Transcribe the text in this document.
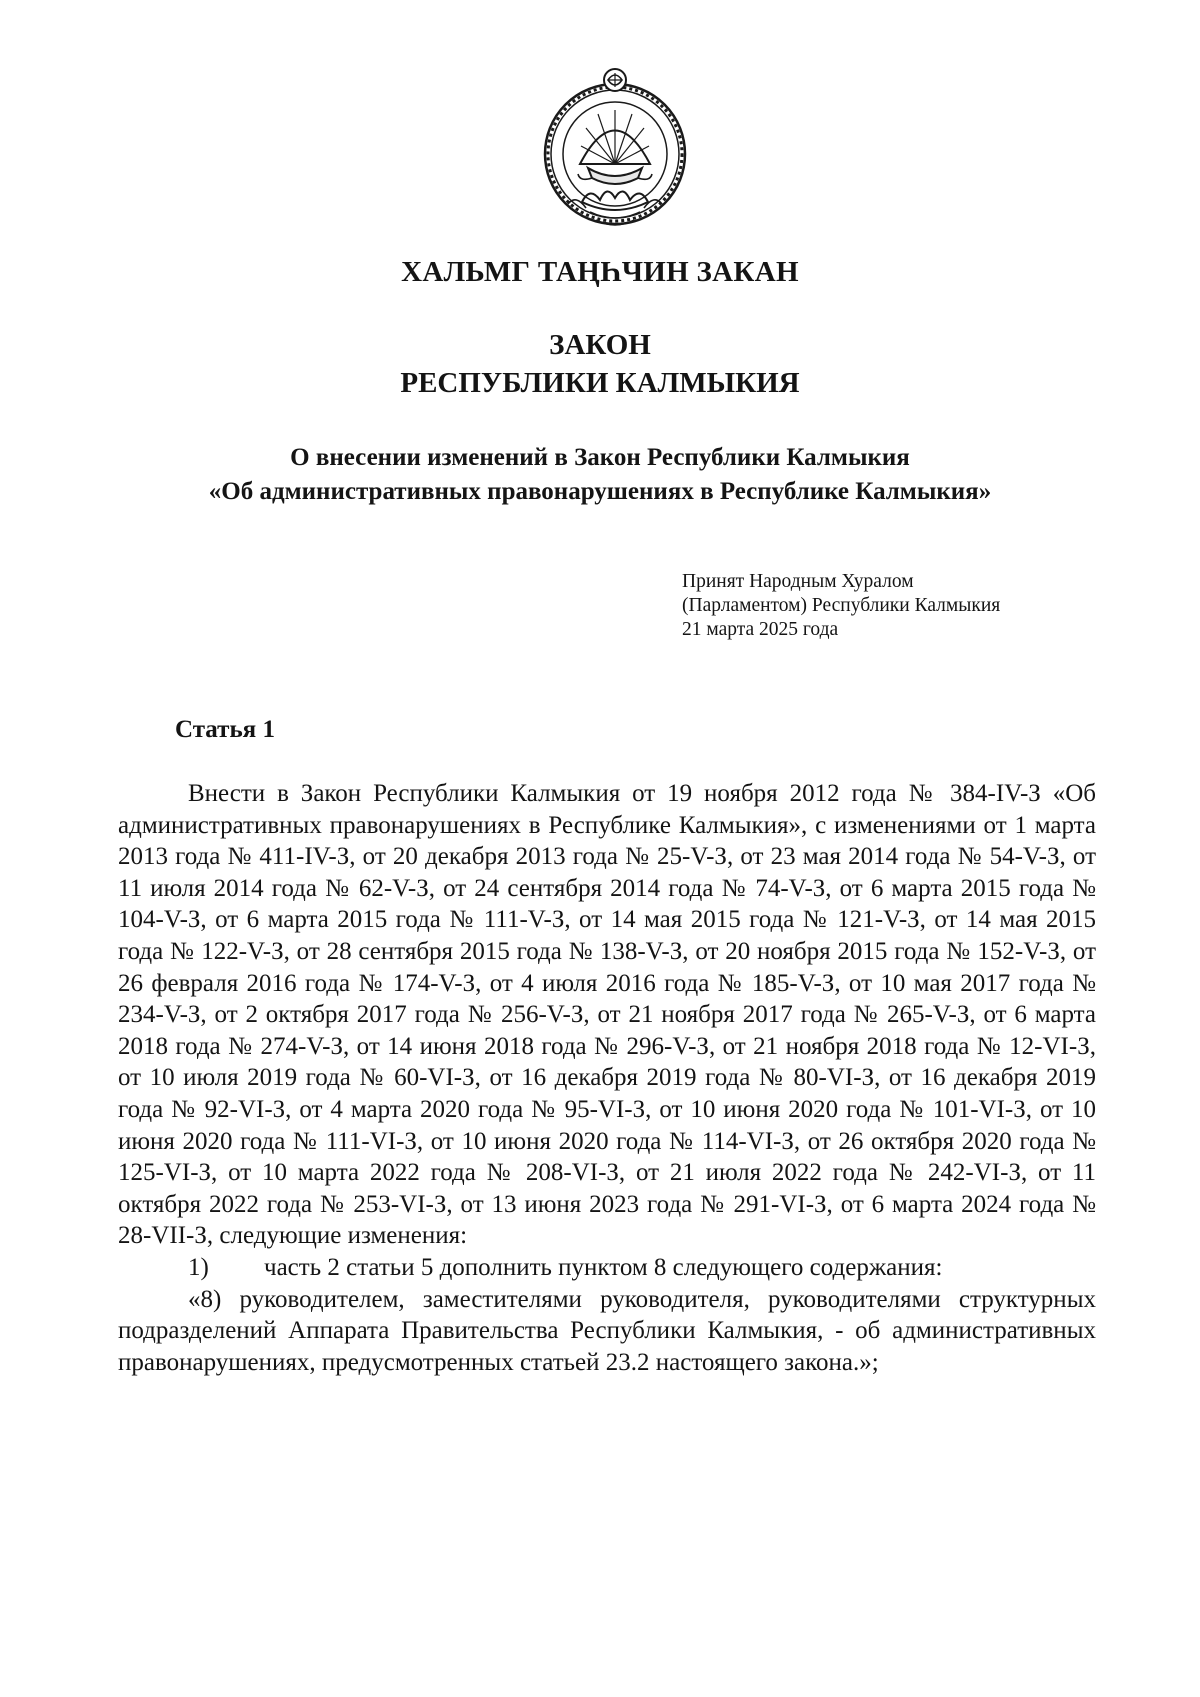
ХАЛЬМГ ТАҢҺЧИН ЗАКАН
ЗАКОН
РЕСПУБЛИКИ КАЛМЫКИЯ
О внесении изменений в Закон Республики Калмыкия
«Об административных правонарушениях в Республике Калмыкия»
Принят Народным Хуралом
(Парламентом) Республики Калмыкия
21 марта 2025 года
Статья 1

Внести в Закон Республики Калмыкия от 19 ноября 2012 года № 384-IV-З «Об административных правонарушениях в Республике Калмыкия», с изменениями от 1 марта 2013 года № 411-IV-З, от 20 декабря 2013 года № 25-V-З, от 23 мая 2014 года № 54-V-З, от 11 июля 2014 года № 62-V-З, от 24 сентября 2014 года № 74-V-З, от 6 марта 2015 года № 104-V-З, от 6 марта 2015 года № 111-V-З, от 14 мая 2015 года № 121-V-З, от 14 мая 2015 года № 122-V-З, от 28 сентября 2015 года № 138-V-З, от 20 ноября 2015 года № 152-V-З, от 26 февраля 2016 года № 174-V-З, от 4 июля 2016 года № 185-V-З, от 10 мая 2017 года № 234-V-З, от 2 октября 2017 года № 256-V-З, от 21 ноября 2017 года № 265-V-З, от 6 марта 2018 года № 274-V-З, от 14 июня 2018 года № 296-V-З, от 21 ноября 2018 года № 12-VI-З, от 10 июля 2019 года № 60-VI-З, от 16 декабря 2019 года № 80-VI-З, от 16 декабря 2019 года № 92-VI-З, от 4 марта 2020 года № 95-VI-З, от 10 июня 2020 года № 101-VI-З, от 10 июня 2020 года № 111-VI-З, от 10 июня 2020 года № 114-VI-З, от 26 октября 2020 года № 125-VI-З, от 10 марта 2022 года № 208-VI-З, от 21 июля 2022 года № 242-VI-З, от 11 октября 2022 года № 253-VI-З, от 13 июня 2023 года № 291-VI-З, от 6 марта 2024 года № 28-VII-З, следующие изменения:

1)	часть 2 статьи 5 дополнить пунктом 8 следующего содержания:

«8) руководителем, заместителями руководителя, руководителями структурных подразделений Аппарата Правительства Республики Калмыкия, - об административных правонарушениях, предусмотренных статьей 23.2 настоящего закона.»;
